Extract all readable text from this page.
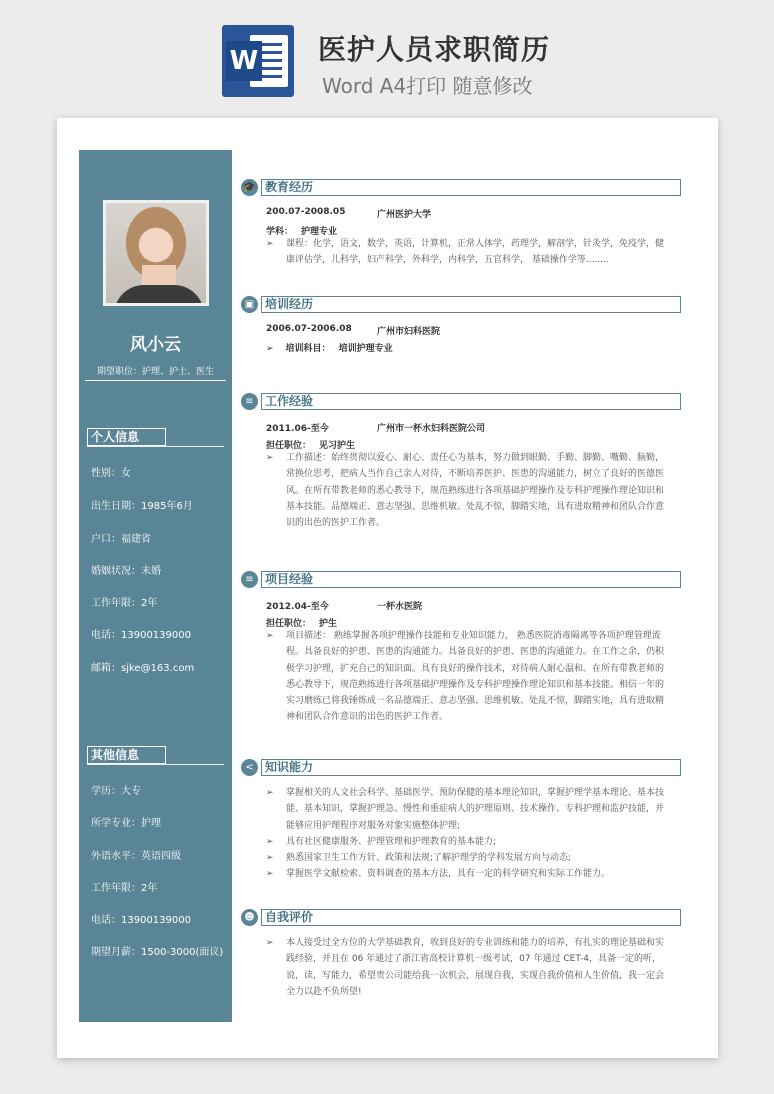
W 医护人员求职简历
Word A4打印 随意修改
风小云
期望职位：护理、护士、医生
个人信息
性别：女
出生日期：1985年6月
户口：福建省
婚姻状况：未婚
工作年限：2年
电话：13900139000
邮箱：sjke@163.com
其他信息
学历：大专
所学专业：护理
外语水平：英语四级
工作年限：2年
电话：13900139000
期望月薪：1500-3000(面议)
🎓 教育经历
200.07-2008.05	广州医护大学
学科： 护理专业
➢ 课程：化学，语文，数学，英语，计算机，正常人体学，药理学，解剖学，针灸学，免疫学，健康评估学，儿科学，妇产科学，外科学，内科学，五官科学， 基础操作学等........

▣ 培训经历
2006.07-2006.08	广州市妇科医院
➢ 培训科目： 培训护理专业
≡ 工作经验
2011.06-至今	广州市一杯水妇科医院公司
担任职位： 见习护生
➢ 工作描述：始终贯彻以爱心、耐心、责任心为基本，努力做到眼勤、手勤、脚勤、嘴勤、脑勤，常换位思考，把病人当作自己亲人对待，不断培养医护、医患的沟通能力，树立了良好的医德医风。在所有带教老师的悉心教导下，规范熟练进行各项基础护理操作及专科护理操作理论知识和基本技能。品德端正、意志坚强、思维机敏、处乱不惊，脚踏实地，具有进取精神和团队合作意识的出色的医护工作者。

≡ 项目经验
2012.04-至今	一杯水医院
担任职位： 护生
➢ 项目描述： 熟练掌握各项护理操作技能和专业知识能力， 熟悉医院消毒隔离等各项护理管理流程。具备良好的护患、医患的沟通能力。具备良好的护患、医患的沟通能力。在工作之余，仍积极学习护理，扩充自己的知识面。具有良好的操作技术，对待病人耐心温和。在所有带教老师的悉心教导下，规范熟练进行各项基础护理操作及专科护理操作理论知识和基本技能。相信一年的实习磨练已将我锤炼成一名品德端正、意志坚强、思维机敏、处乱不惊，脚踏实地，具有进取精神和团队合作意识的出色的医护工作者。

< 知识能力
➢ 掌握相关的人文社会科学、基础医学、预防保健的基本理论知识，掌握护理学基本理论、基本技能、基本知识，掌握护理急、慢性和重症病人的护理原则、技术操作、专科护理和监护技能，并能够应用护理程序对服务对象实施整体护理;
➢ 具有社区健康服务、护理管理和护理教育的基本能力;
➢ 熟悉国家卫生工作方针、政策和法规;了解护理学的学科发展方向与动态;
➢ 掌握医学文献检索、资料调查的基本方法，具有一定的科学研究和实际工作能力。
☻ 自我评价
➢ 本人接受过全方位的大学基础教育，收到良好的专业训练和能力的培养，有扎实的理论基础和实践经验，并且在 06 年通过了浙江省高校计算机一级考试，07 年通过 CET-4，具备一定的听，说，读，写能力，希望贵公司能给我一次机会，展现自我，实现自我价值和人生价值，我一定会全力以赴不负所望!
